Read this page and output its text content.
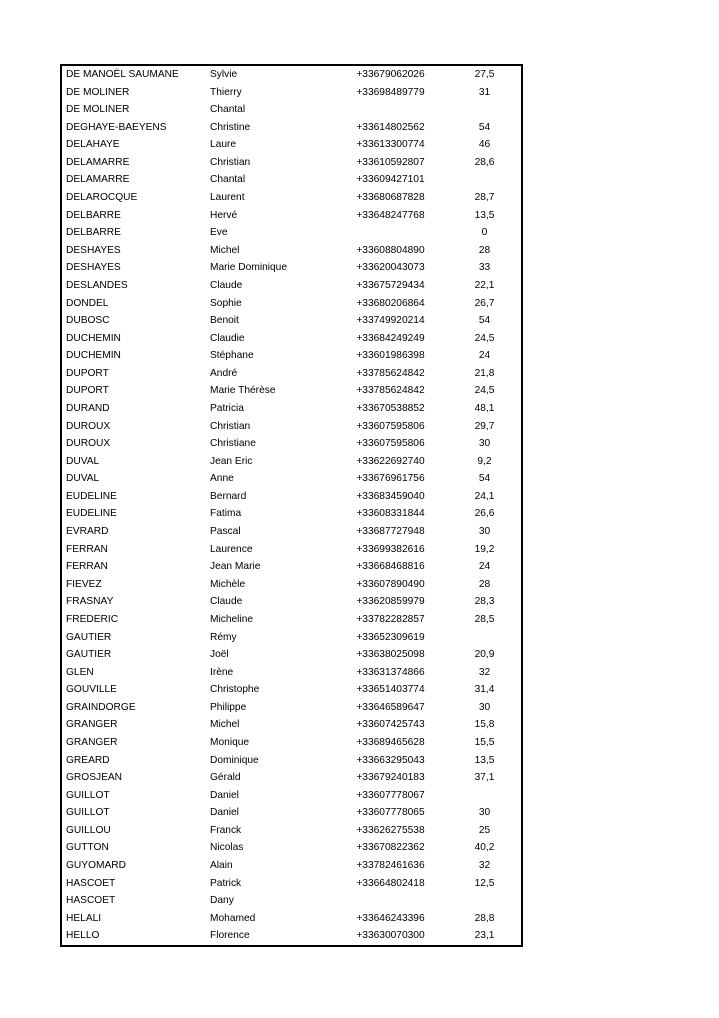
DE MANOËL SAUMANE	Sylvie	+33679062026	27,5
DE MOLINER	Thierry	+33698489779	31
DE MOLINER	Chantal		
DEGHAYE-BAEYENS	Christine	+33614802562	54
DELAHAYE	Laure	+33613300774	46
DELAMARRE	Christian	+33610592807	28,6
DELAMARRE	Chantal	+33609427101	
DELAROCQUE	Laurent	+33680687828	28,7
DELBARRE	Hervé	+33648247768	13,5
DELBARRE	Eve		0
DESHAYES	Michel	+33608804890	28
DESHAYES	Marie Dominique	+33620043073	33
DESLANDES	Claude	+33675729434	22,1
DONDEL	Sophie	+33680206864	26,7
DUBOSC	Benoit	+33749920214	54
DUCHEMIN	Claudie	+33684249249	24,5
DUCHEMIN	Stéphane	+33601986398	24
DUPORT	André	+33785624842	21,8
DUPORT	Marie Thérèse	+33785624842	24,5
DURAND	Patricia	+33670538852	48,1
DUROUX	Christian	+33607595806	29,7
DUROUX	Christiane	+33607595806	30
DUVAL	Jean Eric	+33622692740	9,2
DUVAL	Anne	+33676961756	54
EUDELINE	Bernard	+33683459040	24,1
EUDELINE	Fatima	+33608331844	26,6
EVRARD	Pascal	+33687727948	30
FERRAN	Laurence	+33699382616	19,2
FERRAN	Jean Marie	+33668468816	24
FIEVEZ	Michèle	+33607890490	28
FRASNAY	Claude	+33620859979	28,3
FREDERIC	Micheline	+33782282857	28,5
GAUTIER	Rémy	+33652309619	
GAUTIER	Joël	+33638025098	20,9
GLEN	Irène	+33631374866	32
GOUVILLE	Christophe	+33651403774	31,4
GRAINDORGE	Philippe	+33646589647	30
GRANGER	Michel	+33607425743	15,8
GRANGER	Monique	+33689465628	15,5
GREARD	Dominique	+33663295043	13,5
GROSJEAN	Gérald	+33679240183	37,1
GUILLOT	Daniel	+33607778067	
GUILLOT	Daniel	+33607778065	30
GUILLOU	Franck	+33626275538	25
GUTTON	Nicolas	+33670822362	40,2
GUYOMARD	Alain	+33782461636	32
HASCOET	Patrick	+33664802418	12,5
HASCOET	Dany		
HELALI	Mohamed	+33646243396	28,8
HELLO	Florence	+33630070300	23,1
